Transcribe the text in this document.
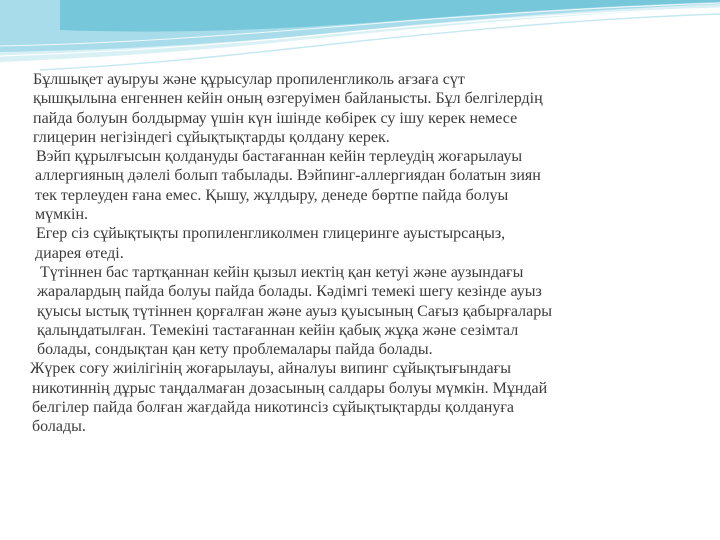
Бұлшықет ауыруы және құрысулар пропиленгликоль ағзаға сүт
қышқылына енгеннен кейін оның өзгеруімен байланысты. Бұл белгілердің
пайда болуын болдырмау үшін күн ішінде көбірек су ішу керек немесе
глицерин негізіндегі сұйықтықтарды қолдану керек.

Вэйп құрылғысын қолдануды бастағаннан кейін терлеудің жоғарылауы
аллергияның дәлелі болып табылады. Вэйпинг-аллергиядан болатын зиян
тек терлеуден ғана емес. Қышу, жұлдыру, денеде бөртпе пайда болуы
мүмкін.

Егер сіз сұйықтықты пропиленгликолмен глицеринге ауыстырсаңыз,
диарея өтеді.

Түтіннен бас тартқаннан кейін қызыл иектің қан кетуі және аузындағы
жаралардың пайда болуы пайда болады. Кәдімгі темекі шегу кезінде ауыз
қуысы ыстық түтіннен қорғалған және ауыз қуысының Сағыз қабырғалары
қалыңдатылған. Темекіні тастағаннан кейін қабық жұқа және сезімтал
болады, сондықтан қан кету проблемалары пайда болады.

Жүрек соғу жиілігінің жоғарылауы, айналуы випинг сұйықтығындағы
никотиннің дұрыс таңдалмаған дозасының салдары болуы мүмкін. Мұндай
белгілер пайда болған жағдайда никотинсіз сұйықтықтарды қолдануға
болады.
